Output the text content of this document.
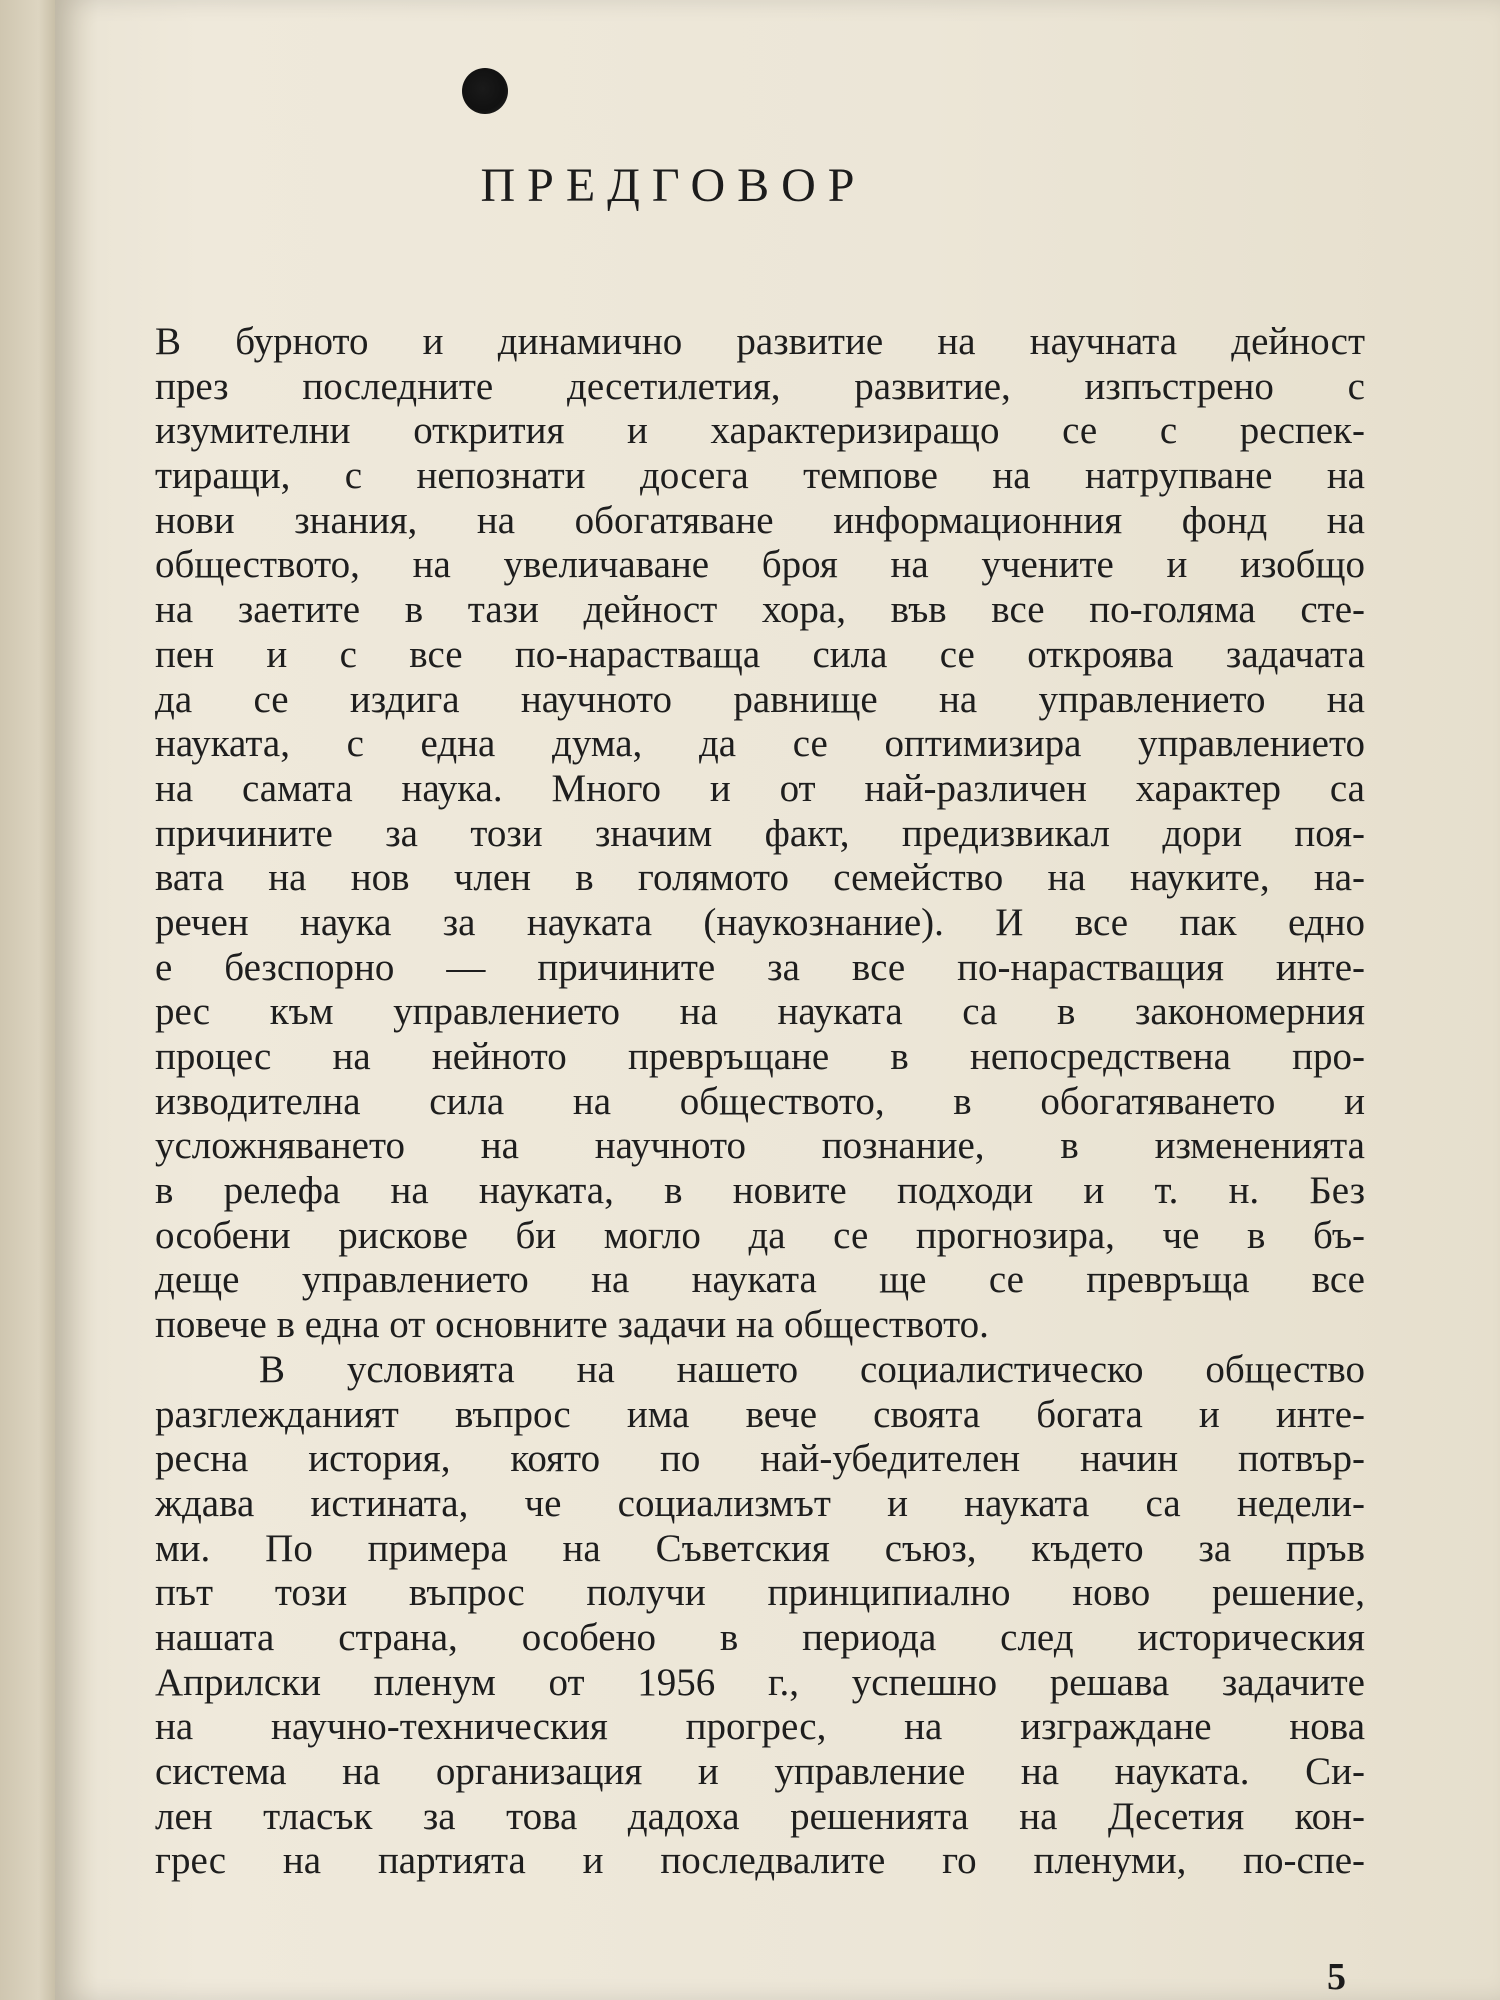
ПРЕДГОВОР
В бурното и динамично развитие на научната дейност
през последните десетилетия, развитие, изпъстрено с
изумителни открития и характеризиращо се с респек-
тиращи, с непознати досега темпове на натрупване на
нови знания, на обогатяване информационния фонд на
обществото, на увеличаване броя на учените и изобщо
на заетите в тази дейност хора, във все по-голяма сте-
пен и с все по-нарастваща сила се откроява задачата
да се издига научното равнище на управлението на
науката, с една дума, да се оптимизира управлението
на самата наука. Много и от най-различен характер са
причините за този значим факт, предизвикал дори поя-
вата на нов член в голямото семейство на науките, на-
речен наука за науката (наукознание). И все пак едно
е безспорно — причините за все по-нарастващия инте-
рес към управлението на науката са в закономерния
процес на нейното превръщане в непосредствена про-
изводителна сила на обществото, в обогатяването и
усложняването на научното познание, в измененията
в релефа на науката, в новите подходи и т. н. Без
особени рискове би могло да се прогнозира, че в бъ-
деще управлението на науката ще се превръща все
повече в една от основните задачи на обществото.
В условията на нашето социалистическо общество
разглежданият въпрос има вече своята богата и инте-
ресна история, която по най-убедителен начин потвър-
ждава истината, че социализмът и науката са недели-
ми. По примера на Съветския съюз, където за пръв
път този въпрос получи принципиално ново решение,
нашата страна, особено в периода след историческия
Априлски пленум от 1956 г., успешно решава задачите
на научно-техническия прогрес, на изграждане нова
система на организация и управление на науката. Си-
лен тласък за това дадоха решенията на Десетия кон-
грес на партията и последвалите го пленуми, по-спе-
5
